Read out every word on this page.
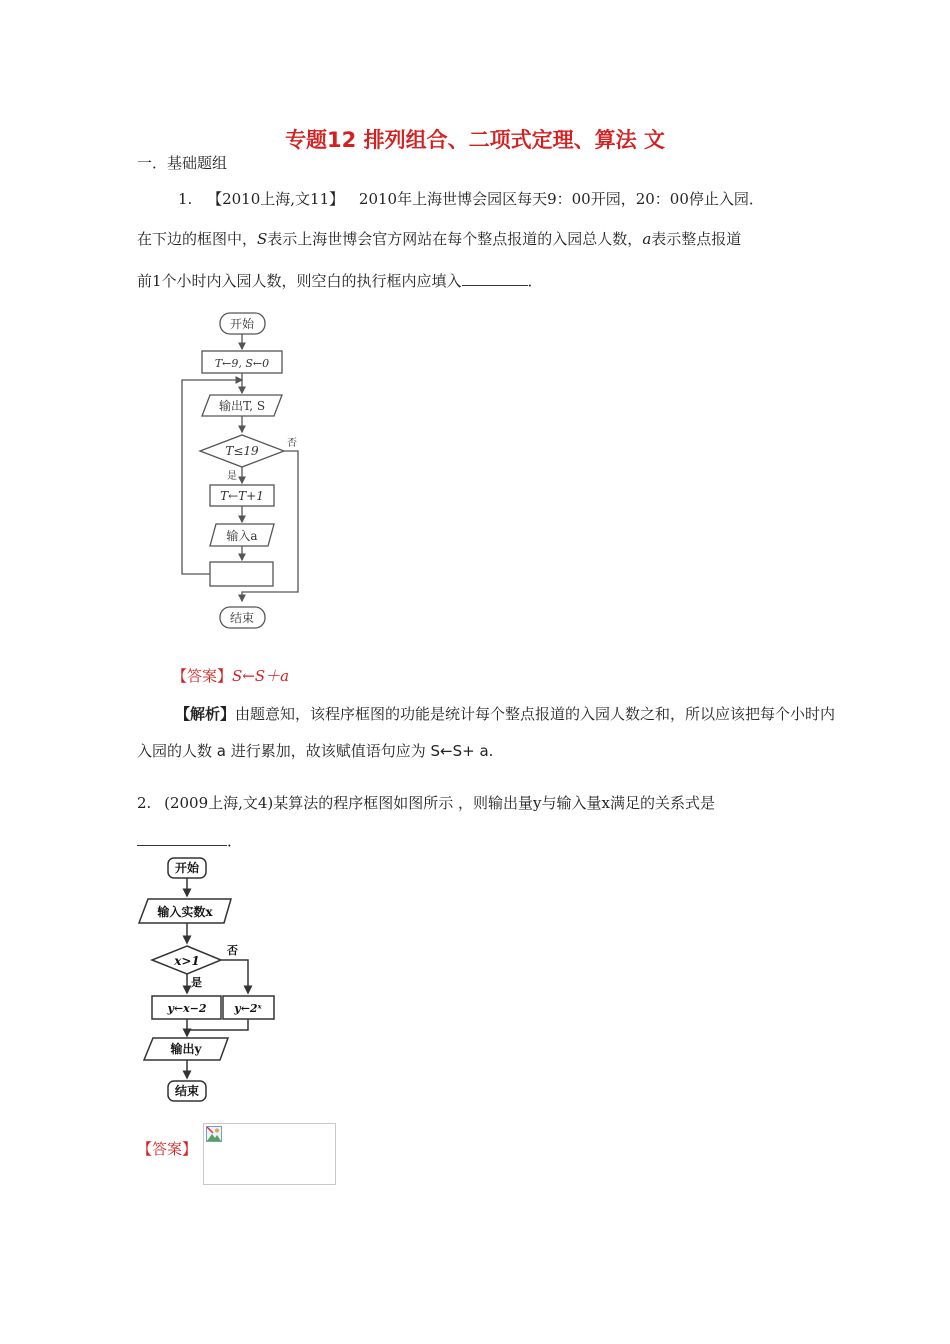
专题12 排列组合、二项式定理、算法 文
一．基础题组
1. 【2010上海,文11】 2010年上海世博会园区每天9：00开园，20：00停止入园．
在下边的框图中，S表示上海世博会官方网站在每个整点报道的入园总人数，a表示整点报道
前1个小时内入园人数，则空白的执行框内应填入	．
开始
T←9, S←0
输出T, S
T≤19
是
否
T←T+1
输入a
结束
【答案】S←S＋a
【解析】由题意知，该程序框图的功能是统计每个整点报道的入园人数之和，所以应该把每个小时内
入园的人数 a 进行累加，故该赋值语句应为 S←S+ a.
2. (2009上海,文4)某算法的程序框图如图所示 ，则输出量y与输入量x满足的关系式是
．
开始
输入实数x
x>1
是
否
y←x−2	y←2ˣ
输出y
结束
【答案】
